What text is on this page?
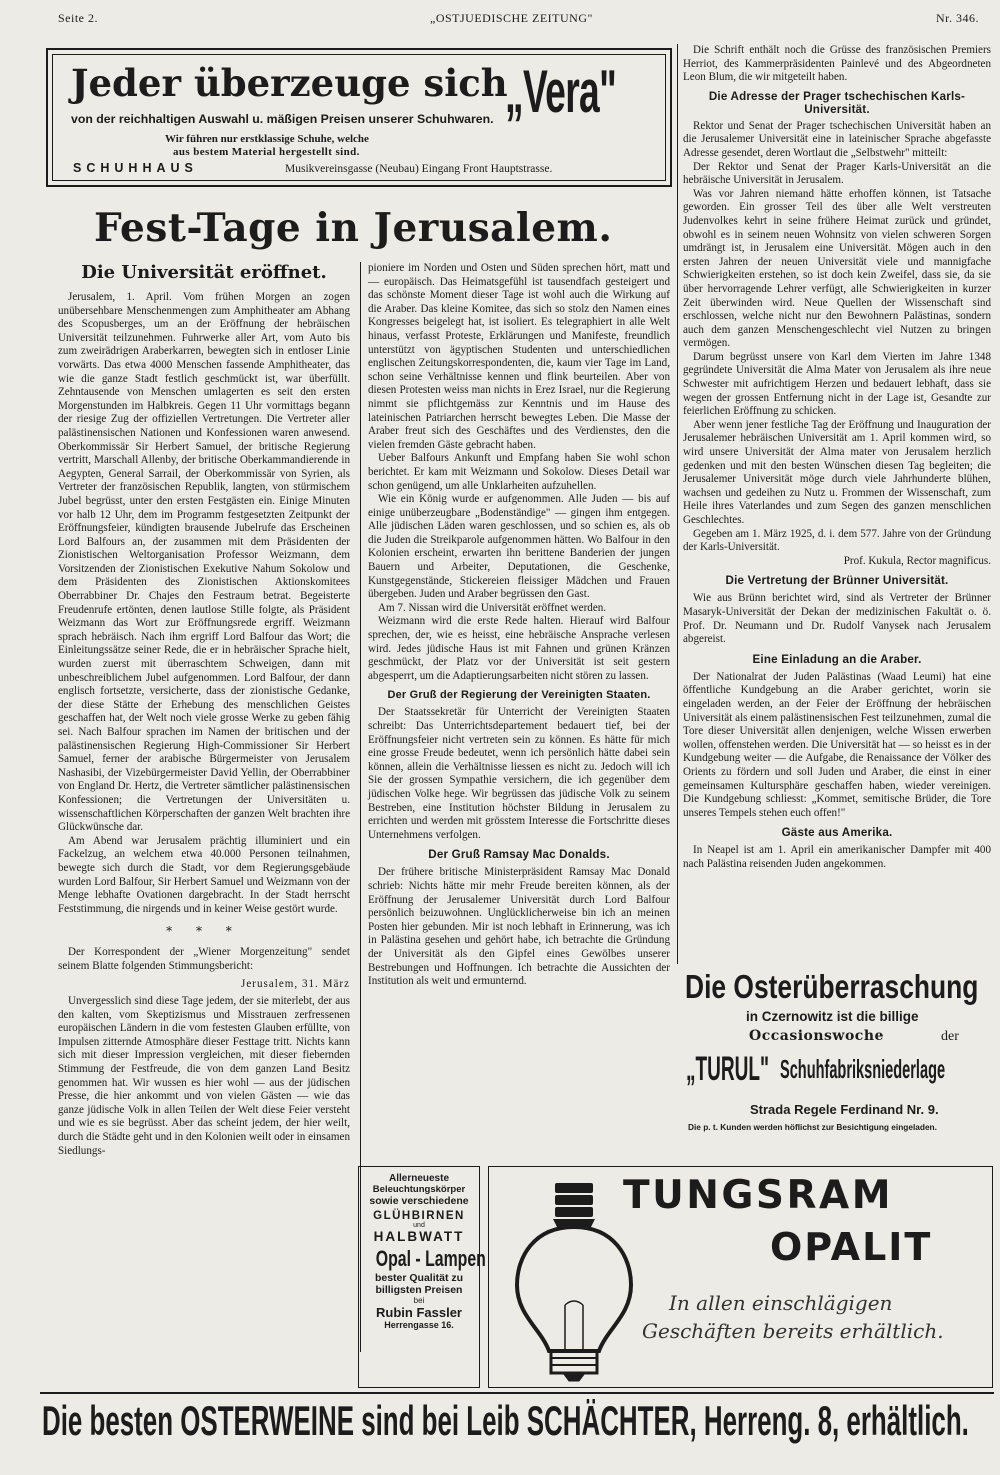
Seite 2.	„OSTJUEDISCHE ZEITUNG"	Nr. 346.
Jeder überzeuge sich
„Vera"
von der reichhaltigen Auswahl u. mäßigen Preisen unserer Schuhwaren.
Wir führen nur erstklassige Schuhe, welche
aus bestem Material hergestellt sind.
SCHUHHAUS	Musikvereinsgasse (Neubau) Eingang Front Hauptstrasse.

Die Schrift enthält noch die Grüsse des französischen Premiers Herriot, des Kammerpräsidenten Painlevé und des Abgeordneten Leon Blum, die wir mitgeteilt haben.

Die Adresse der Prager tschechischen Karls-Universität.

Rektor und Senat der Prager tschechischen Universität haben an die Jerusalemer Universität eine in lateinischer Sprache abgefasste Adresse gesendet, deren Wortlaut die „Selbstwehr" mitteilt:

Der Rektor und Senat der Prager Karls-Universität an die hebräische Universität in Jerusalem.

Was vor Jahren niemand hätte erhoffen können, ist Tatsache geworden. Ein grosser Teil des über alle Welt verstreuten Judenvolkes kehrt in seine frühere Heimat zurück und gründet, obwohl es in seinem neuen Wohnsitz von vielen schweren Sorgen umdrängt ist, in Jerusalem eine Universität. Mögen auch in den ersten Jahren der neuen Universität viele und mannigfache Schwierigkeiten erstehen, so ist doch kein Zweifel, dass sie, da sie über hervorragende Lehrer verfügt, alle Schwierigkeiten in kurzer Zeit überwinden wird. Neue Quellen der Wissenschaft sind erschlossen, welche nicht nur den Bewohnern Palästinas, sondern auch dem ganzen Menschengeschlecht viel Nutzen zu bringen vermögen.

Darum begrüsst unsere von Karl dem Vierten im Jahre 1348 gegründete Universität die Alma Mater von Jerusalem als ihre neue Schwester mit aufrichtigem Herzen und bedauert lebhaft, dass sie wegen der grossen Entfernung nicht in der Lage ist, Gesandte zur feierlichen Eröffnung zu schicken.

Aber wenn jener festliche Tag der Eröffnung und Inauguration der Jerusalemer hebräischen Universität am 1. April kommen wird, so wird unsere Universität der Alma mater von Jerusalem herzlich gedenken und mit den besten Wünschen diesen Tag begleiten; die Jerusalemer Universität möge durch viele Jahrhunderte blühen, wachsen und gedeihen zu Nutz u. Frommen der Wissenschaft, zum Heile ihres Vaterlandes und zum Segen des ganzen menschlichen Geschlechtes.

Gegeben am 1. März 1925, d. i. dem 577. Jahre von der Gründung der Karls-Universität.

Prof. Kukula, Rector magnificus.

Die Vertretung der Brünner Universität.

Wie aus Brünn berichtet wird, sind als Vertreter der Brünner Masaryk-Universität der Dekan der medizinischen Fakultät o. ö. Prof. Dr. Neumann und Dr. Rudolf Vanysek nach Jerusalem abgereist.

Eine Einladung an die Araber.

Der Nationalrat der Juden Palästinas (Waad Leumi) hat eine öffentliche Kundgebung an die Araber gerichtet, worin sie eingeladen werden, an der Feier der Eröffnung der hebräischen Universität als einem palästinensischen Fest teilzunehmen, zumal die Tore dieser Universität allen denjenigen, welche Wissen erwerben wollen, offenstehen werden. Die Universität hat — so heisst es in der Kundgebung weiter — die Aufgabe, die Renaissance der Völker des Orients zu fördern und soll Juden und Araber, die einst in einer gemeinsamen Kultursphäre geschaffen haben, wieder vereinigen. Die Kundgebung schliesst: „Kommet, semitische Brüder, die Tore unseres Tempels stehen euch offen!"

Gäste aus Amerika.

In Neapel ist am 1. April ein amerikanischer Dampfer mit 400 nach Palästina reisenden Juden angekommen.

Fest-Tage in Jerusalem.
Die Universität eröffnet.

Jerusalem, 1. April. Vom frühen Morgen an zogen unübersehbare Menschenmengen zum Amphitheater am Abhang des Scopusberges, um an der Eröffnung der hebräischen Universität teilzunehmen. Fuhrwerke aller Art, vom Auto bis zum zweirädrigen Araberkarren, bewegten sich in entloser Linie vorwärts. Das etwa 4000 Menschen fassende Amphitheater, das wie die ganze Stadt festlich geschmückt ist, war überfüllt. Zehntausende von Menschen umlagerten es seit den ersten Morgenstunden im Halbkreis. Gegen 11 Uhr vormittags begann der riesige Zug der offiziellen Vertretungen. Die Vertreter aller palästinensischen Nationen und Konfessionen waren anwesend. Oberkommissär Sir Herbert Samuel, der britische Regierung vertritt, Marschall Allenby, der britische Oberkammandierende in Aegypten, General Sarrail, der Oberkommissär von Syrien, als Vertreter der französischen Republik, langten, von stürmischem Jubel begrüsst, unter den ersten Festgästen ein. Einige Minuten vor halb 12 Uhr, dem im Programm festgesetzten Zeitpunkt der Eröffnungsfeier, kündigten brausende Jubelrufe das Erscheinen Lord Balfours an, der zusammen mit dem Präsidenten der Zionistischen Weltorganisation Professor Weizmann, dem Vorsitzenden der Zionistischen Exekutive Nahum Sokolow und dem Präsidenten des Zionistischen Aktionskomitees Oberrabbiner Dr. Chajes den Festraum betrat. Begeisterte Freudenrufe ertönten, denen lautlose Stille folgte, als Präsident Weizmann das Wort zur Eröffnungsrede ergriff. Weizmann sprach hebräisch. Nach ihm ergriff Lord Balfour das Wort; die Einleitungssätze seiner Rede, die er in hebräischer Sprache hielt, wurden zuerst mit überraschtem Schweigen, dann mit unbeschreiblichem Jubel aufgenommen. Lord Balfour, der dann englisch fortsetzte, versicherte, dass der zionistische Gedanke, der diese Stätte der Erhebung des menschlichen Geistes geschaffen hat, der Welt noch viele grosse Werke zu geben fähig sei. Nach Balfour sprachen im Namen der britischen und der palästinensischen Regierung High-Commissioner Sir Herbert Samuel, ferner der arabische Bürgermeister von Jerusalem Nashasibi, der Vizebürgermeister David Yellin, der Oberrabbiner von England Dr. Hertz, die Vertreter sämtlicher palästinensischen Konfessionen; die Vertretungen der Universitäten u. wissenschaftlichen Körperschaften der ganzen Welt brachten ihre Glückwünsche dar.

Am Abend war Jerusalem prächtig illuminiert und ein Fackelzug, an welchem etwa 40.000 Personen teilnahmen, bewegte sich durch die Stadt, vor dem Regierungsgebäude wurden Lord Balfour, Sir Herbert Samuel und Weizmann von der Menge lebhafte Ovationen dargebracht. In der Stadt herrscht Feststimmung, die nirgends und in keiner Weise gestört wurde.

* * *

Der Korrespondent der „Wiener Morgenzeitung" sendet seinem Blatte folgenden Stimmungsbericht:

Jerusalem, 31. März

Unvergesslich sind diese Tage jedem, der sie miterlebt, der aus den kalten, vom Skeptizismus und Misstrauen zerfressenen europäischen Ländern in die vom festesten Glauben erfüllte, von Impulsen zitternde Atmosphäre dieser Festtage tritt. Nichts kann sich mit dieser Impression vergleichen, mit dieser fiebernden Stimmung der Festfreude, die von dem ganzen Land Besitz genommen hat. Wir wussen es hier wohl — aus der jüdischen Presse, die hier ankommt und von vielen Gästen — wie das ganze jüdische Volk in allen Teilen der Welt diese Feier versteht und wie es sie begrüsst. Aber das scheint jedem, der hier weilt, durch die Städte geht und in den Kolonien weilt oder in einsamen Siedlungs-

pioniere im Norden und Osten und Süden sprechen hört, matt und — europäisch. Das Heimatsgefühl ist tausendfach gesteigert und das schönste Moment dieser Tage ist wohl auch die Wirkung auf die Araber. Das kleine Komitee, das sich so stolz den Namen eines Kongresses beigelegt hat, ist isoliert. Es telegraphiert in alle Welt hinaus, verfasst Proteste, Erklärungen und Manifeste, freundlich unterstützt von ägyptischen Studenten und unterschiedlichen englischen Zeitungskorrespondenten, die, kaum vier Tage im Land, schon seine Verhältnisse kennen und flink beurteilen. Aber von diesen Protesten weiss man nichts in Erez Israel, nur die Regierung nimmt sie pflichtgemäss zur Kenntnis und im Hause des lateinischen Patriarchen herrscht bewegtes Leben. Die Masse der Araber freut sich des Geschäftes und des Verdienstes, den die vielen fremden Gäste gebracht haben.

Ueber Balfours Ankunft und Empfang haben Sie wohl schon berichtet. Er kam mit Weizmann und Sokolow. Dieses Detail war schon genügend, um alle Unklarheiten aufzuhellen.

Wie ein König wurde er aufgenommen. Alle Juden — bis auf einige unüberzeugbare „Bodenständige" — gingen ihm entgegen. Alle jüdischen Läden waren geschlossen, und so schien es, als ob die Juden die Streikparole aufgenommen hätten. Wo Balfour in den Kolonien erscheint, erwarten ihn berittene Banderien der jungen Bauern und Arbeiter, Deputationen, die Geschenke, Kunstgegenstände, Stickereien fleissiger Mädchen und Frauen übergeben. Juden und Araber begrüssen den Gast.

Am 7. Nissan wird die Universität eröffnet werden.

Weizmann wird die erste Rede halten. Hierauf wird Balfour sprechen, der, wie es heisst, eine hebräische Ansprache verlesen wird. Jedes jüdische Haus ist mit Fahnen und grünen Kränzen geschmückt, der Platz vor der Universität ist seit gestern abgesperrt, um die Adaptierungsarbeiten nicht stören zu lassen.

Der Gruß der Regierung der Vereinigten Staaten.

Der Staatssekretär für Unterricht der Vereinigten Staaten schreibt: Das Unterrichtsdepartement bedauert tief, bei der Eröffnungsfeier nicht vertreten sein zu können. Es hätte für mich eine grosse Freude bedeutet, wenn ich persönlich hätte dabei sein können, allein die Verhältnisse liessen es nicht zu. Jedoch will ich Sie der grossen Sympathie versichern, die ich gegenüber dem jüdischen Volke hege. Wir begrüssen das jüdische Volk zu seinem Bestreben, eine Institution höchster Bildung in Jerusalem zu errichten und werden mit grösstem Interesse die Fortschritte dieses Unternehmens verfolgen.

Der Gruß Ramsay Mac Donalds.

Der frühere britische Ministerpräsident Ramsay Mac Donald schrieb: Nichts hätte mir mehr Freude bereiten können, als der Eröffnung der Jerusalemer Universität durch Lord Balfour persönlich beizuwohnen. Unglücklicherweise bin ich an meinen Posten hier gebunden. Mir ist noch lebhaft in Erinnerung, was ich in Palästina gesehen und gehört habe, ich betrachte die Gründung der Universität als den Gipfel eines Gewölbes unserer Bestrebungen und Hoffnungen. Ich betrachte die Aussichten der Institution als weit und ermunternd.	Die Osterüberraschung
in Czernowitz ist die billige
Occasionswoche	der
„TURUL" Schuhfabriksniederlage
Strada Regele Ferdinand Nr. 9.
Die p. t. Kunden werden höflichst zur Besichtigung eingeladen.
Allerneueste
Beleuchtungskörper
sowie verschiedene
GLÜHBIRNEN
und
HALBWATT
Opal - Lampen
bester Qualität zu
billigsten Preisen
bei
Rubin Fassler
Herrengasse 16.
TUNGSRAM
OPALIT
In allen einschlägigen
Geschäften bereits erhältlich.
Die besten OSTERWEINE sind bei Leib SCHÄCHTER, Herreng. 8, erhältlich.
